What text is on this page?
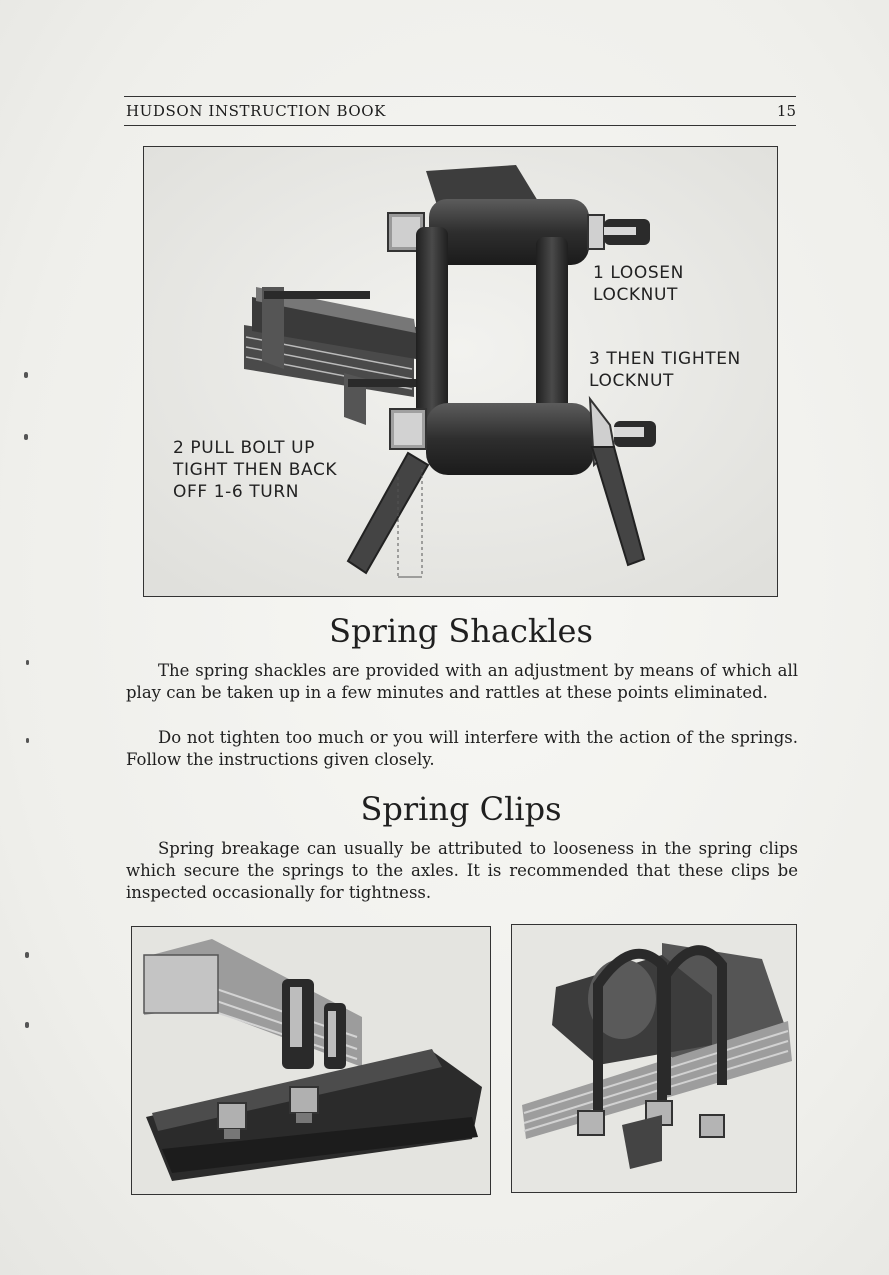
HUDSON INSTRUCTION BOOK	15
1 LOOSEN
LOCKNUT
3 THEN TIGHTEN
LOCKNUT
2 PULL BOLT UP
TIGHT THEN BACK
OFF 1-6 TURN
Spring Shackles

The spring shackles are provided with an adjustment by means of which all play can be taken up in a few minutes and rattles at these points eliminated.

Do not tighten too much or you will interfere with the action of the springs. Follow the instructions given closely.

Spring Clips

Spring breakage can usually be attributed to looseness in the spring clips which secure the springs to the axles. It is recommended that these clips be inspected occasionally for tightness.
